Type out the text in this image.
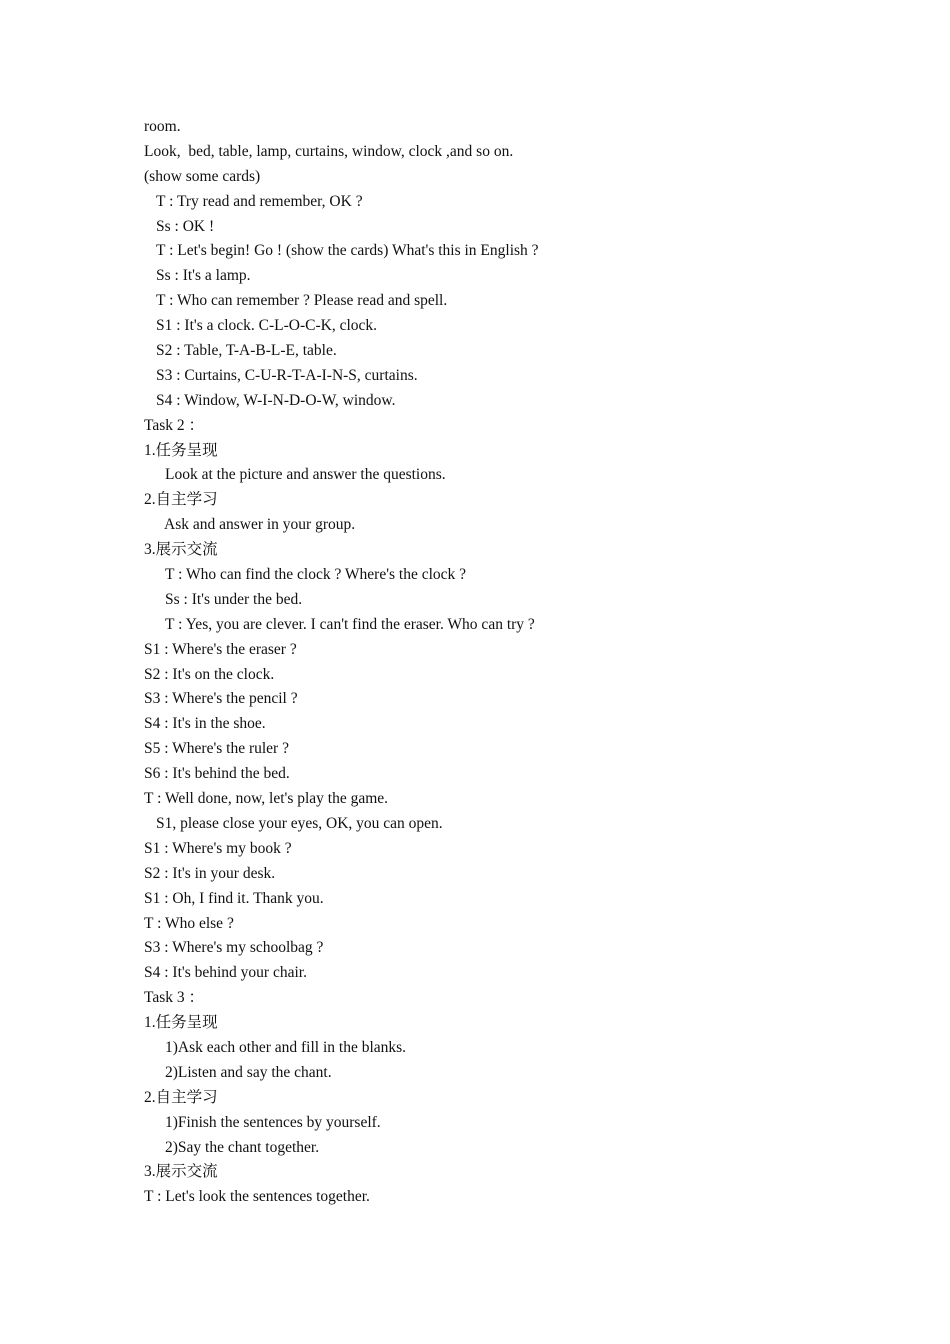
room.
Look,  bed, table, lamp, curtains, window, clock ,and so on.
(show some cards)
T : Try read and remember, OK ?
Ss : OK !
T : Let's begin! Go ! (show the cards) What's this in English ?
Ss : It's a lamp.
T : Who can remember ? Please read and spell.
S1 : It's a clock. C-L-O-C-K, clock.
S2 : Table, T-A-B-L-E, table.
S3 : Curtains, C-U-R-T-A-I-N-S, curtains.
S4 : Window, W-I-N-D-O-W, window.
Task 2 ：
1.任务呈现
Look at the picture and answer the questions.
2.自主学习
Ask and answer in your group.
3.展示交流
T : Who can find the clock ? Where's the clock ?
Ss : It's under the bed.
T : Yes, you are clever. I can't find the eraser. Who can try ?
S1 : Where's the eraser ?
S2 : It's on the clock.
S3 : Where's the pencil ?
S4 : It's in the shoe.
S5 : Where's the ruler ?
S6 : It's behind the bed.
T : Well done, now, let's play the game.
S1, please close your eyes, OK, you can open.
S1 : Where's my book ?
S2 : It's in your desk.
S1 : Oh, I find it. Thank you.
T : Who else ?
S3 : Where's my schoolbag ?
S4 : It's behind your chair.
Task 3 ：
1.任务呈现
1)Ask each other and fill in the blanks.
2)Listen and say the chant.
2.自主学习
1)Finish the sentences by yourself.
2)Say the chant together.
3.展示交流
T : Let's look the sentences together.
